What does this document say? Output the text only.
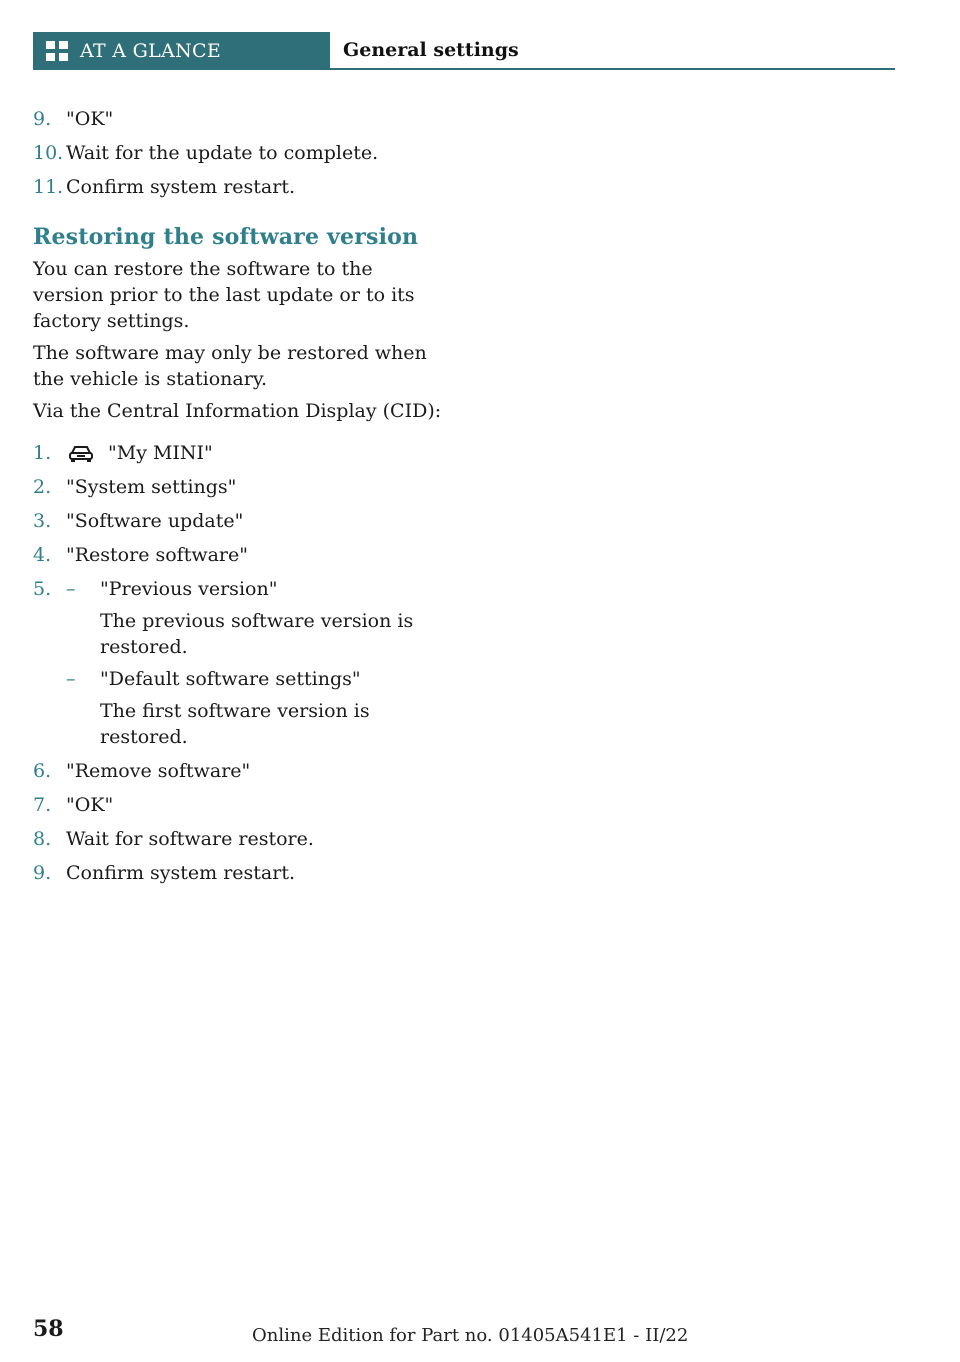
AT A GLANCE	General settings
9. "OK"
10. Wait for the update to complete.
11. Confirm system restart.
Restoring the software version

You can restore the software to the version prior to the last update or to its factory settings.

The software may only be restored when the vehicle is stationary.

Via the Central Information Display (CID):

1.	"My MINI"
2. "System settings"
3. "Software update"
4. "Restore software"
5. – "Previous version"
The previous software version is restored.
– "Default software settings"
The first software version is restored.
6. "Remove software"
7. "OK"
8. Wait for software restore.
9. Confirm system restart.
58	Online Edition for Part no. 01405A541E1 - II/22
